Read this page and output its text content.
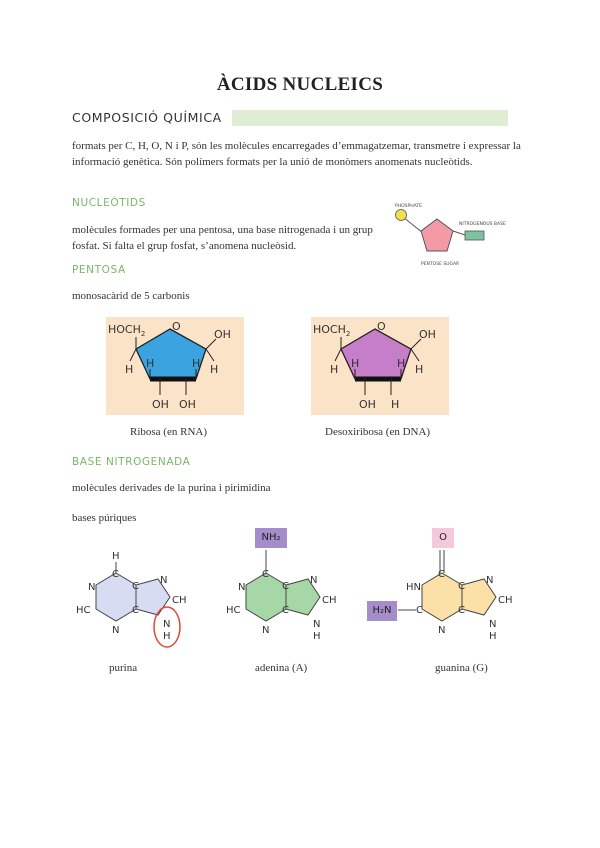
ÀCIDS NUCLEICS
COMPOSICIÓ QUÍMICA
formats per C, H, O, N i P, són les molècules encarregades d’emmagatzemar, transmetre i expressar la
informació genètica. Són polímers formats per la unió de monòmers anomenats nucleòtids.
NUCLEÒTIDS
molècules formades per una pentosa, una base nitrogenada i un grup
fosfat. Si falta el grup fosfat, s’anomena nucleòsid.
PHOSPHATE
NITROGENOUS BASE
PENTOSE SUGAR
PENTOSA
monosacàrid de 5 carbonis
$HOCH_2$
O
OH
H
H H	H
OH OH
Ribosa (en RNA)
$HOCH_2$
O
OH
H
H H	H
OH H
Desoxiribosa (en DNA)
BASE NITROGENADA
molècules derivades de la purina i pirimidina
bases púriques
H
C
N
HC
N
C
C
N
CH
N
H
purina
NH₂
C
N
HC
N
C
C
N
CH
N
H
adenina (A)
O
H₂N
C
HN
C
N
C
C
N
CH
N
H
guanina (G)
